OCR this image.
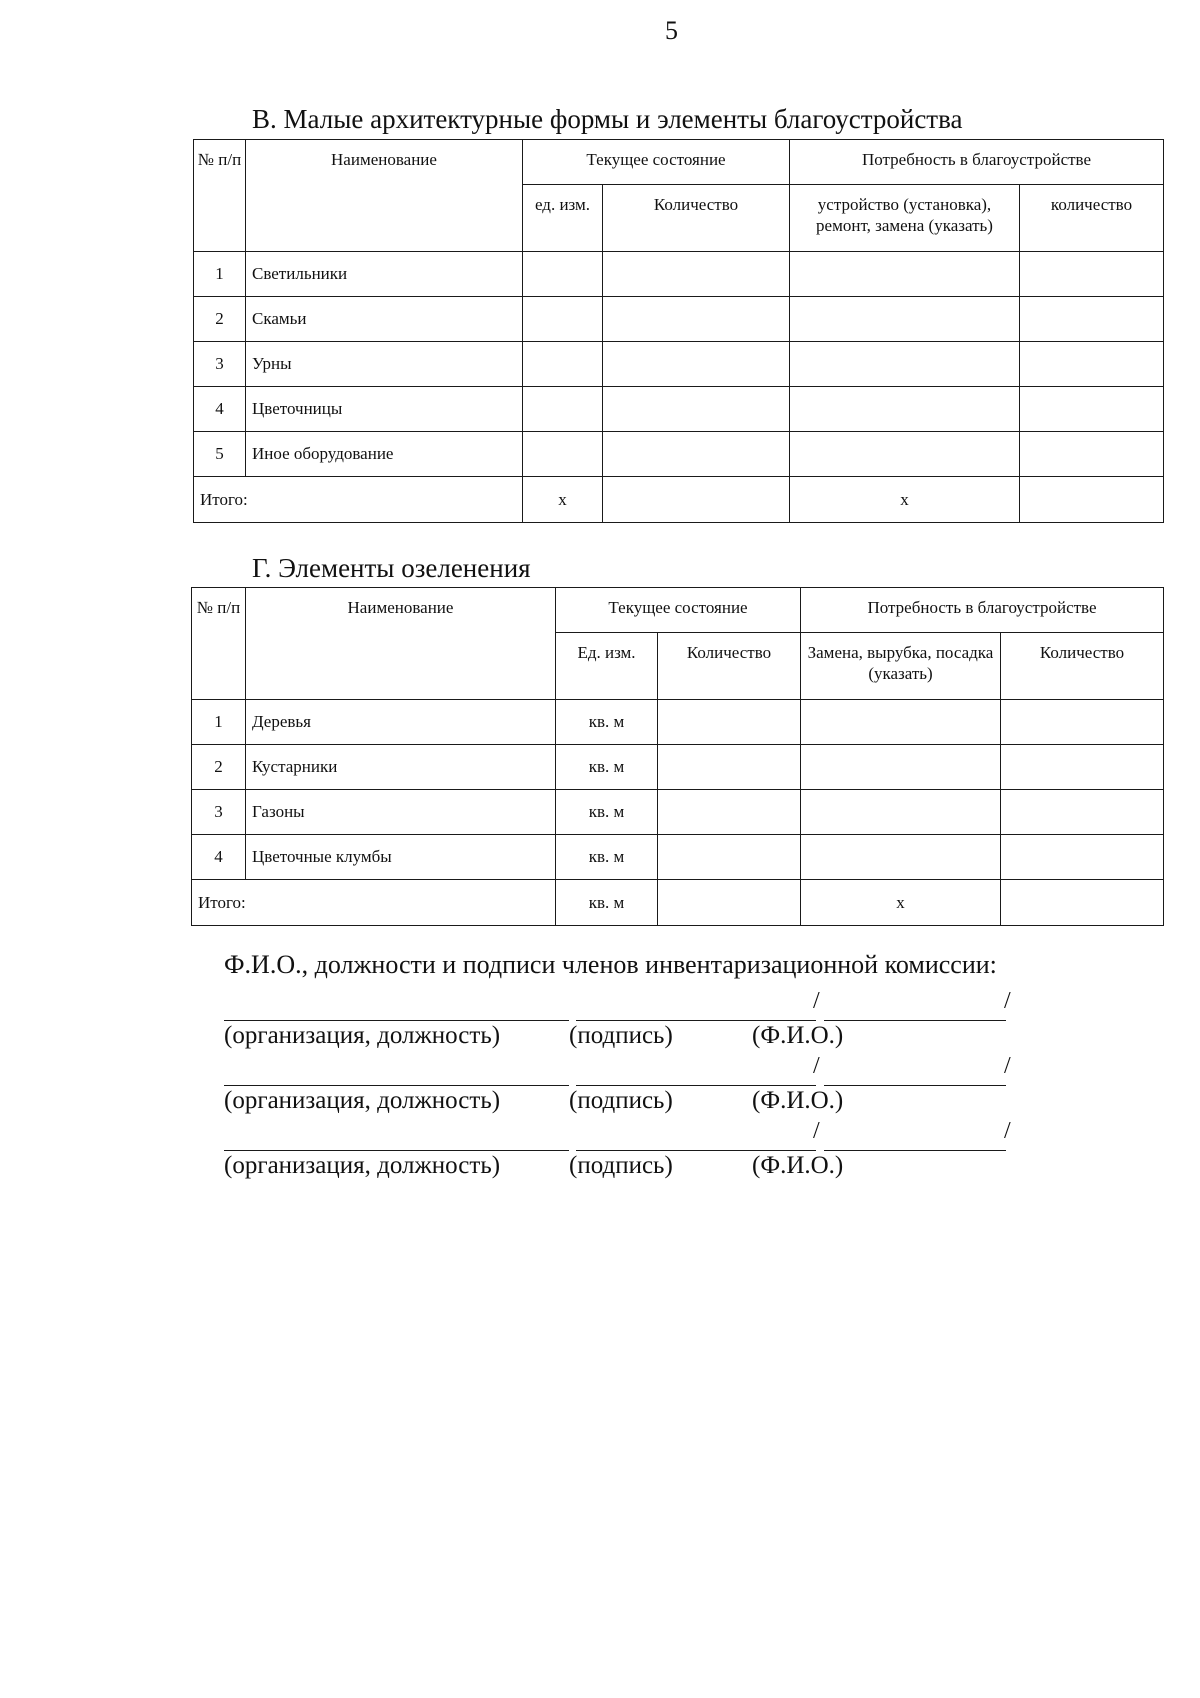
5
В. Малые архитектурные формы и элементы благоустройства
№ п/п	Наименование	Текущее состояние		Потребность в благоустройстве	
		ед. изм.	Количество	устройство (установка), ремонт, замена (указать)	количество
1	Светильники				
2	Скамьи				
3	Урны				
4	Цветочницы				
5	Иное оборудование				
Итого:		x		x	
Г. Элементы озеленения
№ п/п	Наименование	Текущее состояние		Потребность в благоустройстве	
		Ед. изм.	Количество	Замена, вырубка, посадка (указать)	Количество
1	Деревья	кв. м			
2	Кустарники	кв. м			
3	Газоны	кв. м			
4	Цветочные клумбы	кв. м			
Итого:		кв. м		x	
Ф.И.О., должности и подписи членов инвентаризационной комиссии:
/	/
(организация, должность)	(подпись)	(Ф.И.О.)
/	/
(организация, должность)	(подпись)	(Ф.И.О.)
/	/
(организация, должность)	(подпись)	(Ф.И.О.)
